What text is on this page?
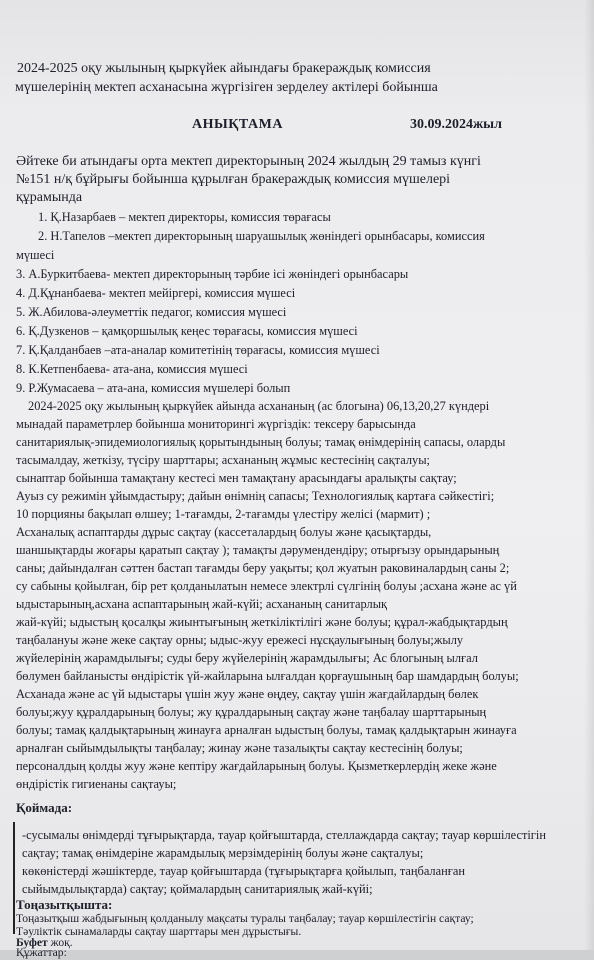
2024-2025 оқу жылының қыркүйек айындағы бракераждық комиссия
мүшелерінің мектеп асханасына жүргізіген зерделеу актілері бойынша
АНЫҚТАМА	30.09.2024жыл
Әйтеке би атындағы орта мектеп директорының 2024 жылдың 29 тамыз күнгі
№151 н/қ бұйрығы бойынша құрылған бракераждық комиссия мүшелері
құрамында
1. Қ.Назарбаев – мектеп директоры, комиссия төрағасы
2. Н.Тапелов –мектеп директорының шаруашылық жөніндегі орынбасары, комиссия
мүшесі
3. А.Буркитбаева- мектеп директорының тәрбие ісі жөніндегі орынбасары
4. Д.Құнанбаева- мектеп мейіргері, комиссия мүшесі
5. Ж.Абилова-әлеуметтік педагог, комиссия мүшесі
6. Қ.Дузкенов – қамқоршылық кеңес төрағасы, комиссия мүшесі
7. Қ.Қалданбаев –ата-аналар комитетінің төрағасы, комиссия мүшесі
8. К.Кетпенбаева- ата-ана, комиссия мүшесі
9. Р.Жумасаева – ата-ана, комиссия мүшелері болып
2024-2025 оқу жылының қыркүйек айында асхананың (ас блогына) 06,13,20,27 күндері
мынадай параметрлер бойынша мониторингі жүргіздік: тексеру барысында
санитариялық-эпидемиологиялық қорытындының болуы; тамақ өнімдерінің сапасы, оларды
тасымалдау, жеткізу, түсіру шарттары; асхананың жұмыс кестесінің сақталуы;
сынаптар бойынша тамақтану кестесі мен тамақтану арасындағы аралықты сақтау;
Ауыз су режимін ұйымдастыру; дайын өнімнің сапасы; Технологиялық картаға сәйкестігі;
10 порцияны бақылап өлшеу; 1-тағамды, 2-тағамды үлестіру желісі (мармит) ;
Асханалық аспаптарды дұрыс сақтау (кассеталардың болуы және қасықтарды,
шаншықтарды жоғары қаратып сақтау ); тамақты дәрумендендіру; отырғызу орындарының
саны; дайындалған сәттен бастап тағамды беру уақыты; қол жуатын раковиналардың саны 2;
су сабыны қойылған, бір рет қолданылатын немесе электрлі сүлгінің болуы ;асхана және ас үй
ыдыстарының,асхана аспаптарының жай-күйі; асхананың санитарлық
жай-күйі; ыдыстың қосалқы жиынтығының жеткіліктілігі және болуы; құрал-жабдықтардың
таңбалануы және жеке сақтау орны; ыдыс-жуу ережесі нұсқаулығының болуы;жылу
жүйелерінің жарамдылығы; суды беру жүйелерінің жарамдылығы; Ас блогының ылғал
бөлумен байланысты өндірістік үй-жайларына ылғалдан қорғаушының бар шамдардың болуы;
Асханада және ас үй ыдыстары үшін жуу және өңдеу, сақтау үшін жағдайлардың бөлек
болуы;жуу құралдарының болуы; жу құралдарының сақтау және таңбалау шарттарының
болуы; тамақ қалдықтарының жинауға арналған ыдыстың болуы, тамақ қалдықтарын жинауға
арналған сыйымдылықты таңбалау; жинау және тазалықты сақтау кестесінің болуы;
персоналдың қолды жуу және кептіру жағдайларының болуы. Қызметкерлердің жеке және
өндірістік гигиенаны сақтауы;
Қоймада:
-сусымалы өнімдерді тұғырықтарда, тауар қойғыштарда, стеллаждарда сақтау; тауар көршілестігін
сақтау; тамақ өнімдерiне жарамдылық мерзімдерінің болуы және сақталуы;
көкөністерді жәшіктерде, тауар қойғыштарда (тұғырықтарға қойылып, таңбаланған
сыйымдылықтарда) сақтау; қоймалардың санитариялық жай-күйі;
Тоңазытқышта:
Тоңазытқыш жабдығының қолданылу мақсаты туралы таңбалау; тауар көршілестігін сақтау;
Тәуліктік сынамаларды сақтау шарттары мен дұрыстығы.
Буфет жоқ.
Құжаттар:
